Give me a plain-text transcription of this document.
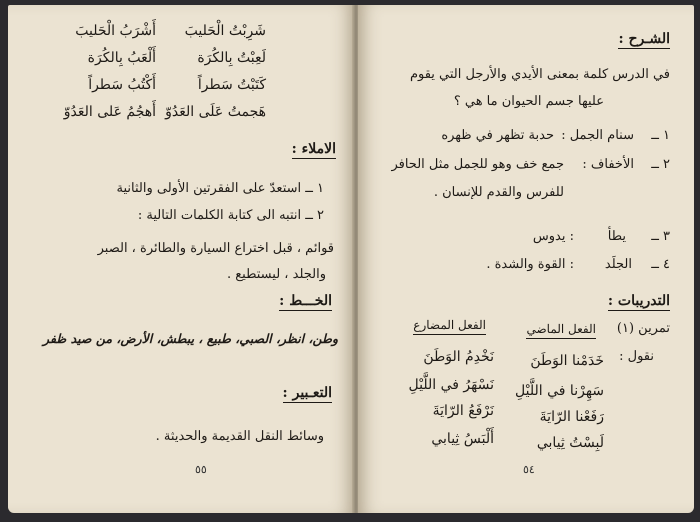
شَرِبْتُ الْحَليبَ
أَشْرَبُ الْحَليبَ
لَعِبْتُ بِالكُرَة
أَلْعَبُ بِالكُرَة
كَتَبْتُ سَطراً
أَكْتُبُ سَطراً
هَجمتُ عَلَى العَدُوّ
أَهجُمُ عَلى العَدُوّ
الاملاء :
١ ــ استعدّ على الفقرتين الأولى والثانية
٢ ــ انتبه الى كتابة الكلمات التالية :
قوائم ، قبل اختراع السيارة والطائرة ، الصبر
والجلد ، ليستطيع .
الخـــط :
وطن، انظر، الصبي، طبيع ، يبطش، الأرض، من صيد ظفر
التعـبير :
وسائط النقل القديمة والحديثة .
٥٥
الشـرح :
في الدرس كلمة بمعنى الأيدي والأرجل التي يقوم
عليها جسم الحيوان ما هي ؟
١ ــ
سنام الجمل :
حدبة تظهر في ظهره
٢ ــ
الأخفاف :
جمع خف وهو للجمل مثل الحافر
للفرس والقدم للإنسان .
٣ ــ
يطأ
: يدوس
٤ ــ
الجلَد
: القوة والشدة .
التدريبات :
تمرين (١)
نقول :
الفعل الماضي
الفعل المضارع
خَدَمْنا الوَطَنَ
نَخْدِمُ الوَطَنَ
سَهِرْنا في اللَّيْلِ
نَسْهَرُ في اللَّيْلِ
رَفَعْنا الرّايَةَ
نَرْفَعُ الرّايَةَ
لَبِسْتُ ثِيابي
أَلْبَسُ ثِيابي
٥٤
